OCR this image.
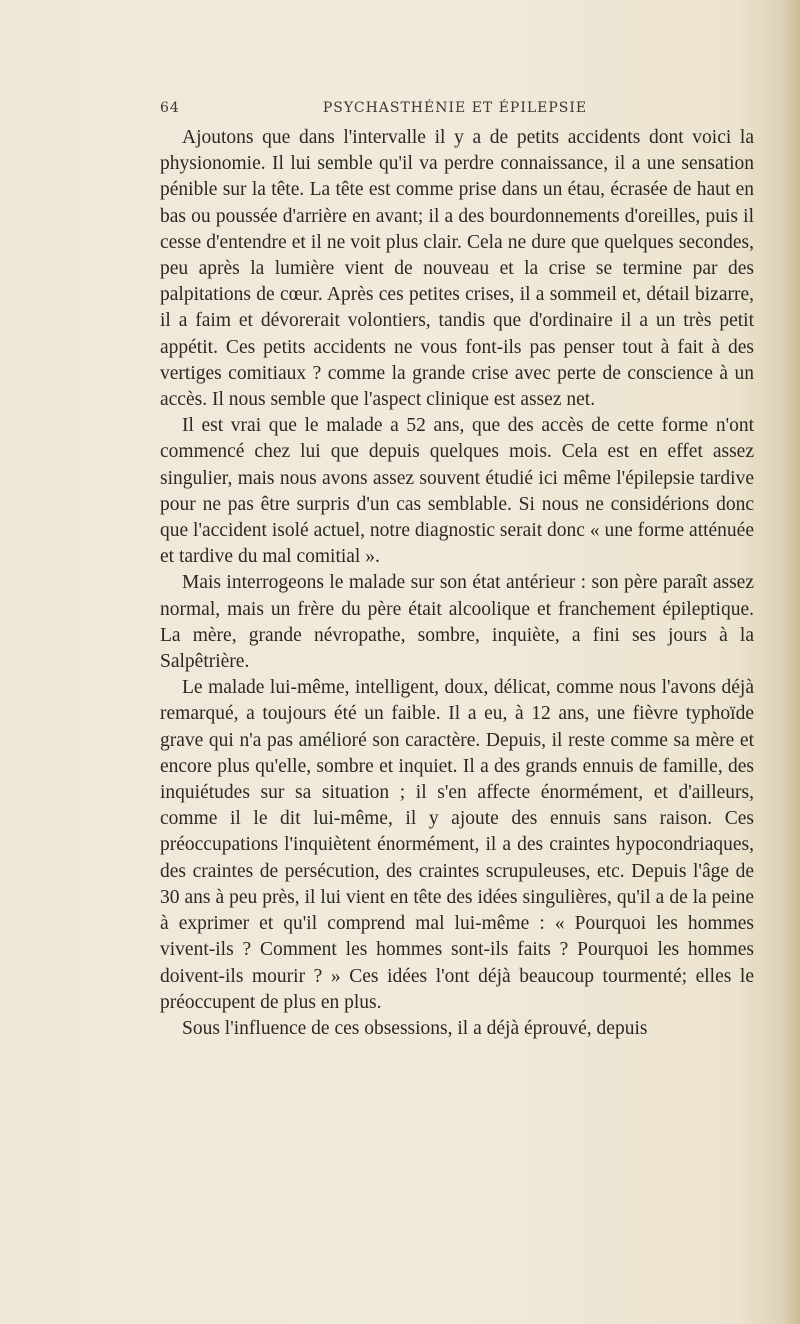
64	PSYCHASTHÉNIE ET ÉPILEPSIE

Ajoutons que dans l'intervalle il y a de petits accidents dont voici la physionomie. Il lui semble qu'il va perdre connaissance, il a une sensation pénible sur la tête. La tête est comme prise dans un étau, écrasée de haut en bas ou poussée d'arrière en avant; il a des bourdonnements d'oreilles, puis il cesse d'entendre et il ne voit plus clair. Cela ne dure que quelques secondes, peu après la lumière vient de nouveau et la crise se termine par des palpitations de cœur. Après ces petites crises, il a sommeil et, détail bizarre, il a faim et dévorerait volontiers, tandis que d'ordinaire il a un très petit appétit. Ces petits accidents ne vous font-ils pas penser tout à fait à des vertiges comitiaux ? comme la grande crise avec perte de conscience à un accès. Il nous semble que l'aspect clinique est assez net.

Il est vrai que le malade a 52 ans, que des accès de cette forme n'ont commencé chez lui que depuis quelques mois. Cela est en effet assez singulier, mais nous avons assez souvent étudié ici même l'épilepsie tardive pour ne pas être surpris d'un cas semblable. Si nous ne considérions donc que l'accident isolé actuel, notre diagnostic serait donc « une forme atténuée et tardive du mal comitial ».

Mais interrogeons le malade sur son état antérieur : son père paraît assez normal, mais un frère du père était alcoolique et franchement épileptique. La mère, grande névropathe, sombre, inquiète, a fini ses jours à la Salpêtrière.

Le malade lui-même, intelligent, doux, délicat, comme nous l'avons déjà remarqué, a toujours été un faible. Il a eu, à 12 ans, une fièvre typhoïde grave qui n'a pas amélioré son caractère. Depuis, il reste comme sa mère et encore plus qu'elle, sombre et inquiet. Il a des grands ennuis de famille, des inquiétudes sur sa situation ; il s'en affecte énormément, et d'ailleurs, comme il le dit lui-même, il y ajoute des ennuis sans raison. Ces préoccupations l'inquiètent énormément, il a des craintes hypocondriaques, des craintes de persécution, des craintes scrupuleuses, etc. Depuis l'âge de 30 ans à peu près, il lui vient en tête des idées singulières, qu'il a de la peine à exprimer et qu'il comprend mal lui-même : « Pourquoi les hommes vivent-ils ? Comment les hommes sont-ils faits ? Pourquoi les hommes doivent-ils mourir ? » Ces idées l'ont déjà beaucoup tourmenté; elles le préoccupent de plus en plus.

Sous l'influence de ces obsessions, il a déjà éprouvé, depuis
